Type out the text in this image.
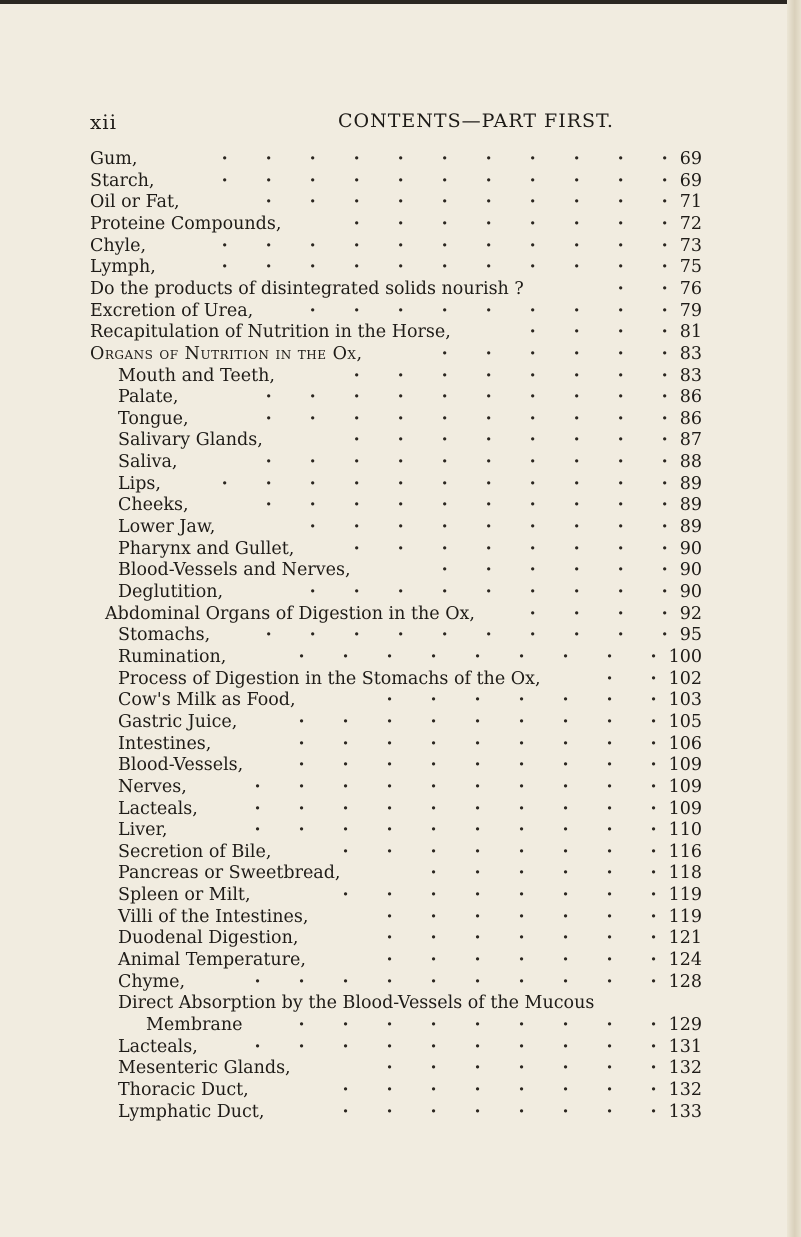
xii	CONTENTS—PART FIRST.
Gum,	69
·	·	·	·	·	·	·	·	·	·	·
Starch,	69
·	·	·	·	·	·	·	·	·	·	·
Oil or Fat,	71
·	·	·	·	·	·	·	·	·	·
Proteine Compounds,	72
·	·	·	·	·	·	·	·
Chyle,	73
·	·	·	·	·	·	·	·	·	·	·
Lymph,	75
·	·	·	·	·	·	·	·	·	·	·
Do the products of disintegrated solids nourish ?	76
·	·
Excretion of Urea,	79
·	·	·	·	·	·	·	·	·
Recapitulation of Nutrition in the Horse,	81
·	·	·	·
Organs of Nutrition in the Ox,	83
·	·	·	·	·	·
Mouth and Teeth,	83
·	·	·	·	·	·	·	·
Palate,	86
·	·	·	·	·	·	·	·	·	·
Tongue,	86
·	·	·	·	·	·	·	·	·	·
Salivary Glands,	87
·	·	·	·	·	·	·	·
Saliva,	88
·	·	·	·	·	·	·	·	·	·
Lips,	89
·	·	·	·	·	·	·	·	·	·	·
Cheeks,	89
·	·	·	·	·	·	·	·	·	·
Lower Jaw,	89
·	·	·	·	·	·	·	·	·
Pharynx and Gullet,	90
·	·	·	·	·	·	·	·
Blood-Vessels and Nerves,	90
·	·	·	·	·	·
Deglutition,	90
·	·	·	·	·	·	·	·	·
Abdominal Organs of Digestion in the Ox,	92
·	·	·	·
Stomachs,	95
·	·	·	·	·	·	·	·	·	·
Rumination,	100
·	·	·	·	·	·	·	·	·
Process of Digestion in the Stomachs of the Ox,	102
·	·
Cow's Milk as Food,	103
·	·	·	·	·	·	·
Gastric Juice,	105
·	·	·	·	·	·	·	·	·
Intestines,	106
·	·	·	·	·	·	·	·	·
Blood-Vessels,	109
·	·	·	·	·	·	·	·	·
Nerves,	109
·	·	·	·	·	·	·	·	·	·
Lacteals,	109
·	·	·	·	·	·	·	·	·	·
Liver,	110
·	·	·	·	·	·	·	·	·	·
Secretion of Bile,	116
·	·	·	·	·	·	·	·
Pancreas or Sweetbread,	118
·	·	·	·	·	·
Spleen or Milt,	119
·	·	·	·	·	·	·	·
Villi of the Intestines,	119
·	·	·	·	·	·	·
Duodenal Digestion,	121
·	·	·	·	·	·	·
Animal Temperature,	124
·	·	·	·	·	·	·
Chyme,	128
·	·	·	·	·	·	·	·	·	·
Direct Absorption by the Blood-Vessels of the Mucous
Membrane	129
·	·	·	·	·	·	·	·	·
Lacteals,	131
·	·	·	·	·	·	·	·	·	·
Mesenteric Glands,	132
·	·	·	·	·	·	·
Thoracic Duct,	132
·	·	·	·	·	·	·	·
Lymphatic Duct,	133
·	·	·	·	·	·	·	·
